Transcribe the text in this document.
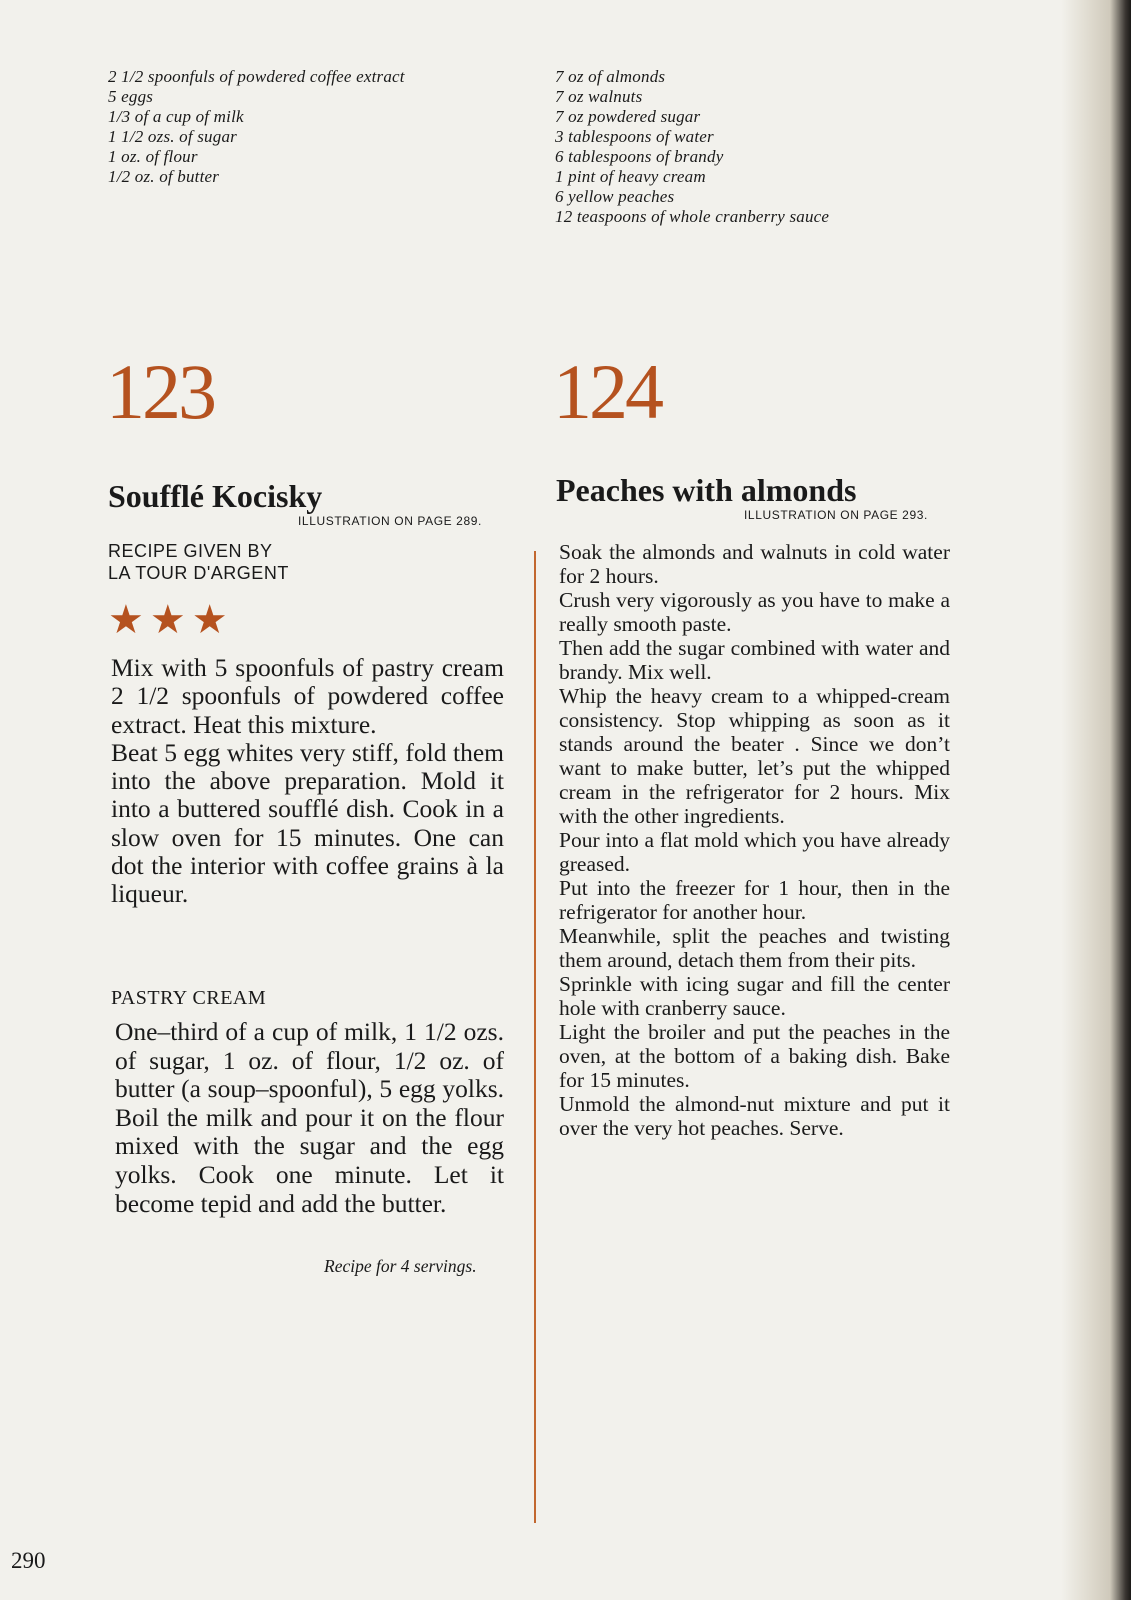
2 1/2 spoonfuls of powdered coffee extract
5 eggs
1/3 of a cup of milk
1 1/2 ozs. of sugar
1 oz. of flour
1/2 oz. of butter
7 oz of almonds
7 oz walnuts
7 oz powdered sugar
3 tablespoons of water
6 tablespoons of brandy
1 pint of heavy cream
6 yellow peaches
12 teaspoons of whole cranberry sauce
123	124
Soufflé Kocisky
ILLUSTRATION ON PAGE 289.
Peaches with almonds
ILLUSTRATION ON PAGE 293.
RECIPE GIVEN BY
LA TOUR D'ARGENT
★★★

Mix with 5 spoonfuls of pastry cream 2 1/2 spoonfuls of powdered coffee extract. Heat this mixture.

Beat 5 egg whites very stiff, fold them into the above preparation. Mold it into a buttered soufflé dish. Cook in a slow oven for 15 minutes. One can dot the interior with coffee grains à la liqueur.

PASTRY CREAM

One–third of a cup of milk, 1 1/2 ozs. of sugar, 1 oz. of flour, 1/2 oz. of butter (a soup–spoonful), 5 egg yolks. Boil the milk and pour it on the flour mixed with the sugar and the egg yolks. Cook one minute. Let it become tepid and add the butter.

Recipe for 4 servings.

Soak the almonds and walnuts in cold water for 2 hours.

Crush very vigorously as you have to make a really smooth paste.

Then add the sugar combined with water and brandy. Mix well.

Whip the heavy cream to a whipped-cream consistency. Stop whipping as soon as it stands around the beater . Since we don’t want to make butter, let’s put the whipped cream in the refrigerator for 2 hours. Mix with the other ingredients.

Pour into a flat mold which you have already greased.

Put into the freezer for 1 hour, then in the refrigerator for another hour.

Meanwhile, split the peaches and twisting them around, detach them from their pits.

Sprinkle with icing sugar and fill the center hole with cranberry sauce.

Light the broiler and put the peaches in the oven, at the bottom of a baking dish. Bake for 15 minutes.

Unmold the almond-nut mixture and put it over the very hot peaches. Serve.

290
